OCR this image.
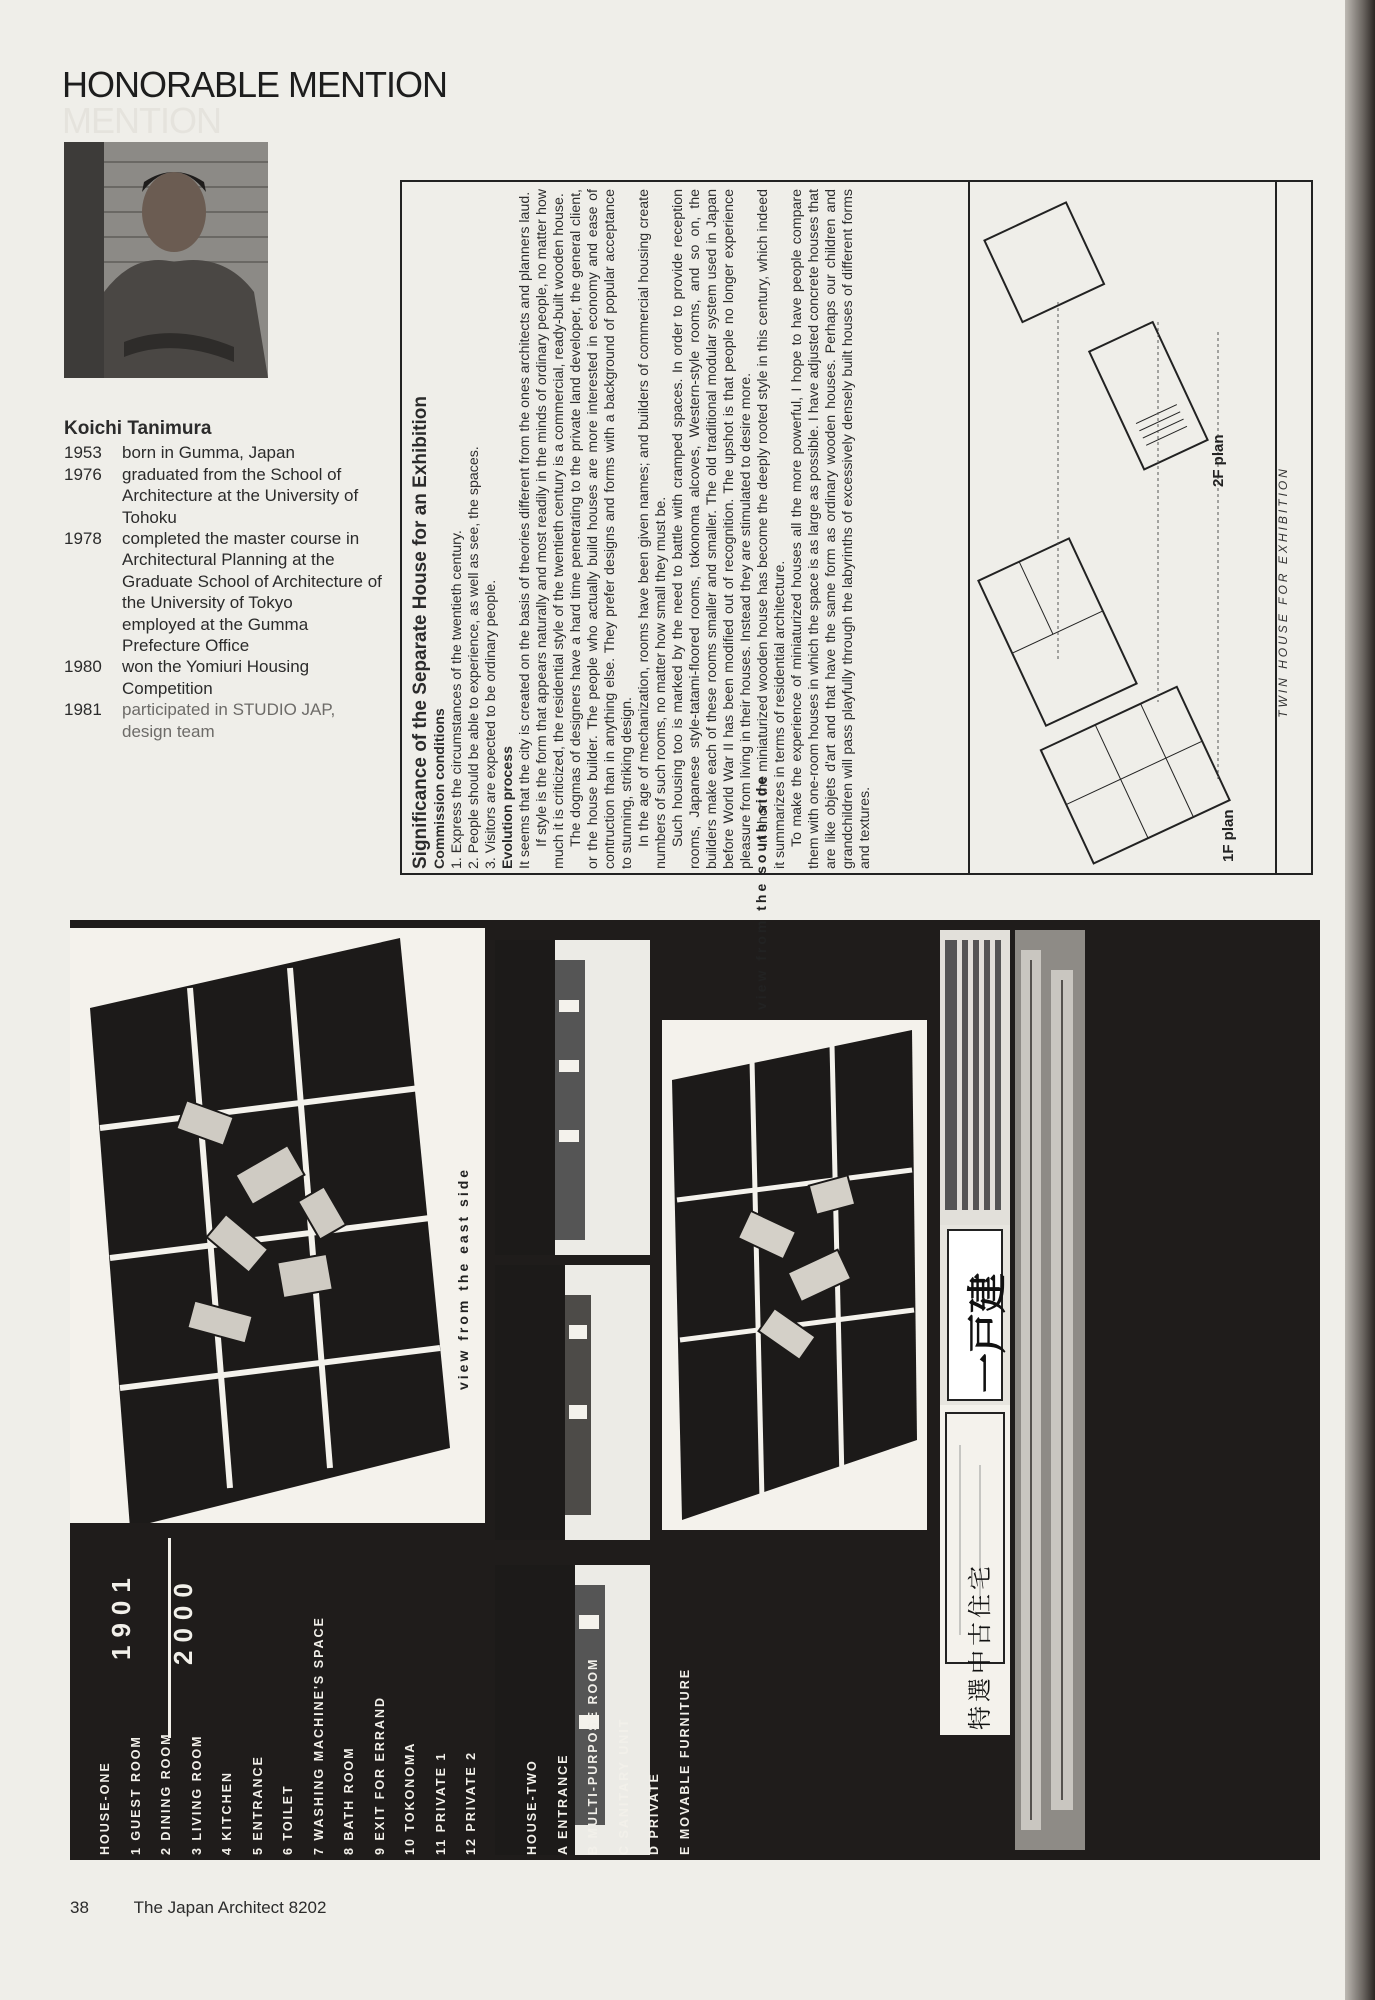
HONORABLE MENTION
MENTION
Koichi Tanimura
1953	born in Gumma, Japan
1976	graduated from the School of Architecture at the University of Tohoku
1978	completed the master course in Architectural Planning at the Graduate School of Architecture of the University of Tokyo
employed at the Gumma Prefecture Office
1980	won the Yomiuri Housing Competition
1981	participated in STUDIO JAP, design team	Significance of the Separate House for an Exhibition Commission conditions 1. Express the circumstances of the twentieth century. 2. People should be able to experience, as well as see, the spaces. 3. Visitors are expected to be ordinary people. Evolution process It seems that the city is created on the basis of theories different from the ones architects and planners laud. If style is the form that appears naturally and most readily in the minds of ordinary people, no matter how much it is criticized, the residential style of the twentieth century is a commercial, ready-built wooden house. The dogmas of designers have a hard time penetrating to the private land developer, the general client, or the house builder. The people who actually build houses are more interested in economy and ease of contruction than in anything else. They prefer designs and forms with a background of popular acceptance to stunning, striking design. In the age of mechanization, rooms have been given names; and builders of commercial housing create numbers of such rooms, no matter how small they must be. Such housing too is marked by the need to battle with cramped spaces. In order to provide reception rooms, Japanese style-tatami-floored rooms, tokonoma alcoves, Western-style rooms, and so on, the builders make each of these rooms smaller and smaller. The old traditional modular system used in Japan before World War II has been modified out of recognition. The upshot is that people no longer experience pleasure from living in their houses. Instead they are stimulated to desire more. In short the miniaturized wooden house has become the deeply rooted style in this century, which indeed it summarizes in terms of residential architecture. To make the experience of miniaturized houses all the more powerful, I hope to have people compare them with one-room houses in which the space is as large as possible. I have adjusted concrete houses that are like objets d'art and that have the same form as ordinary wooden houses. Perhaps our children and grandchildren will pass playfully through the labyrinths of excessively densely built houses of different forms and textures.

TWIN HOUSE FOR EXHIBITION
2F plan
1F plan
1901 2000
view from the east side
view from the south side
一戸建
特選中古住宅
HOUSE-ONE	1 GUEST ROOM	2 DINING ROOM	3 LIVING ROOM	4 KITCHEN	5 ENTRANCE	6 TOILET	7 WASHING MACHINE'S SPACE	8 BATH ROOM	9 EXIT FOR ERRAND	10 TOKONOMA	11 PRIVATE 1	12 PRIVATE 2	HOUSE-TWO	A ENTRANCE	B MULTI-PURPOSE ROOM	C SANITARY UNIT	D PRIVATE	E MOVABLE FURNITURE
38	The Japan Architect 8202
